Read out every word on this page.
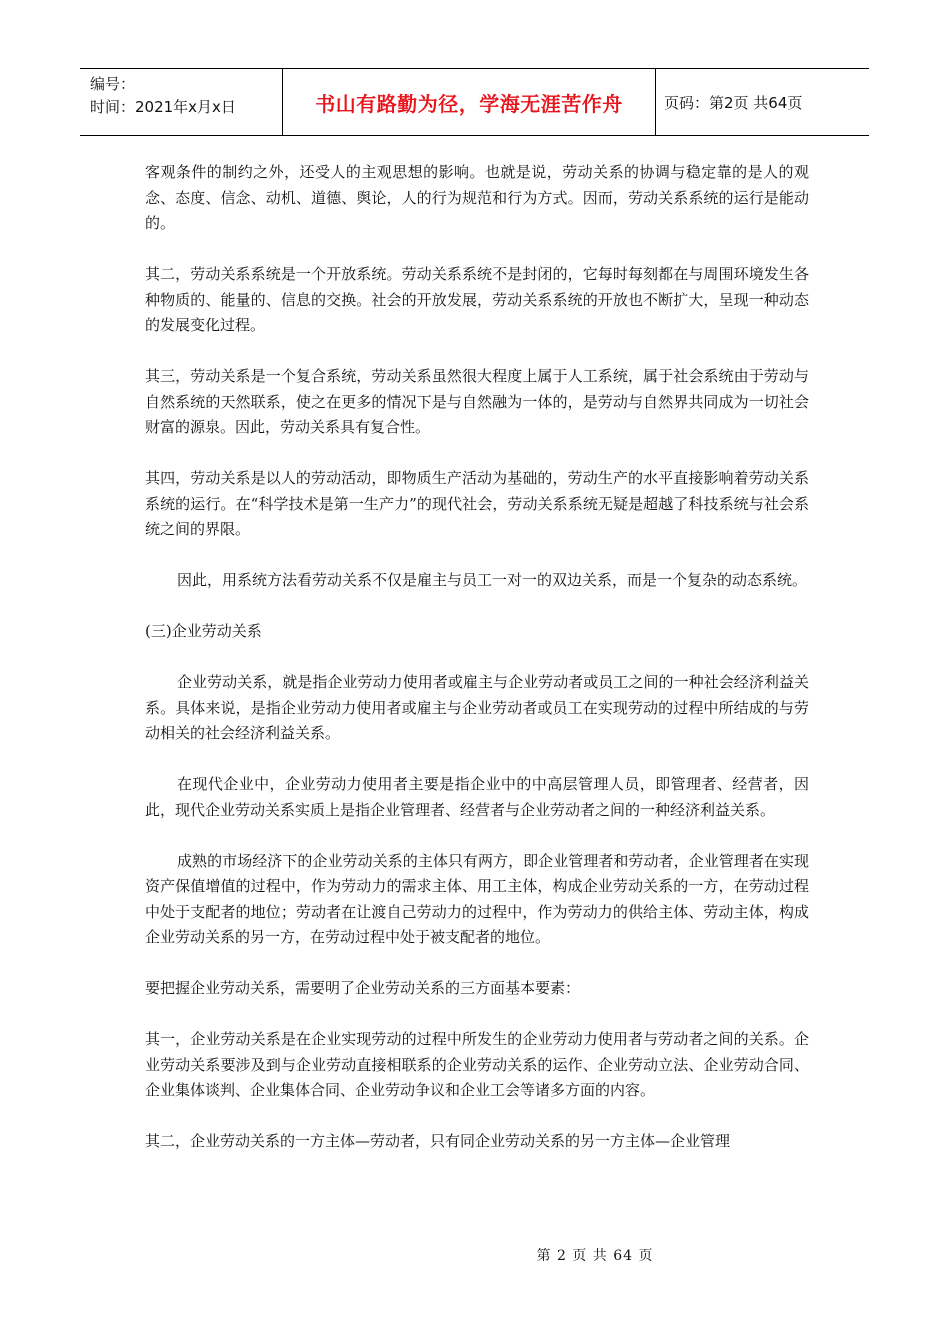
编号：
时间：2021年x月x日	书山有路勤为径，学海无涯苦作舟	页码：第2页 共64页

客观条件的制约之外，还受人的主观思想的影响。也就是说，劳动关系的协调与稳定靠的是人的观念、态度、信念、动机、道德、舆论，人的行为规范和行为方式。因而，劳动关系系统的运行是能动的。

其二，劳动关系系统是一个开放系统。劳动关系系统不是封闭的，它每时每刻都在与周围环境发生各种物质的、能量的、信息的交换。社会的开放发展，劳动关系系统的开放也不断扩大，呈现一种动态的发展变化过程。

其三，劳动关系是一个复合系统，劳动关系虽然很大程度上属于人工系统，属于社会系统由于劳动与自然系统的天然联系，使之在更多的情况下是与自然融为一体的，是劳动与自然界共同成为一切社会财富的源泉。因此，劳动关系具有复合性。

其四，劳动关系是以人的劳动活动，即物质生产活动为基础的，劳动生产的水平直接影响着劳动关系系统的运行。在“科学技术是第一生产力”的现代社会，劳动关系系统无疑是超越了科技系统与社会系统之间的界限。

因此，用系统方法看劳动关系不仅是雇主与员工一对一的双边关系，而是一个复杂的动态系统。

(三)企业劳动关系

企业劳动关系，就是指企业劳动力使用者或雇主与企业劳动者或员工之间的一种社会经济利益关系。具体来说，是指企业劳动力使用者或雇主与企业劳动者或员工在实现劳动的过程中所结成的与劳动相关的社会经济利益关系。

在现代企业中，企业劳动力使用者主要是指企业中的中高层管理人员，即管理者、经营者，因此，现代企业劳动关系实质上是指企业管理者、经营者与企业劳动者之间的一种经济利益关系。

成熟的市场经济下的企业劳动关系的主体只有两方，即企业管理者和劳动者，企业管理者在实现资产保值增值的过程中，作为劳动力的需求主体、用工主体，构成企业劳动关系的一方，在劳动过程中处于支配者的地位；劳动者在让渡自己劳动力的过程中，作为劳动力的供给主体、劳动主体，构成企业劳动关系的另一方，在劳动过程中处于被支配者的地位。

要把握企业劳动关系，需要明了企业劳动关系的三方面基本要素：

其一，企业劳动关系是在企业实现劳动的过程中所发生的企业劳动力使用者与劳动者之间的关系。企业劳动关系要涉及到与企业劳动直接相联系的企业劳动关系的运作、企业劳动立法、企业劳动合同、企业集体谈判、企业集体合同、企业劳动争议和企业工会等诸多方面的内容。

其二，企业劳动关系的一方主体—劳动者，只有同企业劳动关系的另一方主体—企业管理

第 2 页 共 64 页
